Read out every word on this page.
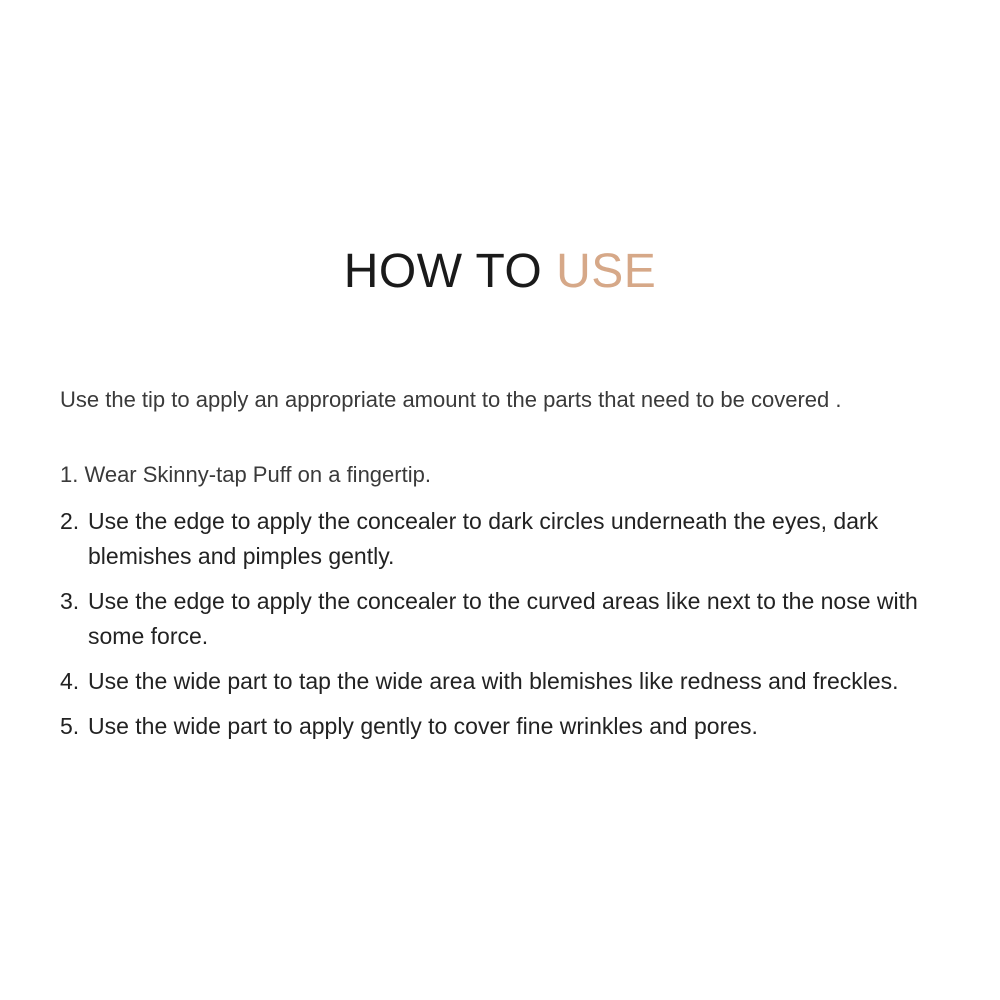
HOW TO USE
Use the tip to apply an appropriate amount to the parts that need to be covered .
1. Wear Skinny-tap Puff on a fingertip.
2. Use the edge to apply the concealer to dark circles underneath the eyes, dark blemishes and pimples gently.
3. Use the edge to apply the concealer to the curved areas like next to the nose with some force.
4. Use the wide part to tap the wide area with blemishes like redness and freckles.
5. Use the wide part to apply gently to cover fine wrinkles and pores.
